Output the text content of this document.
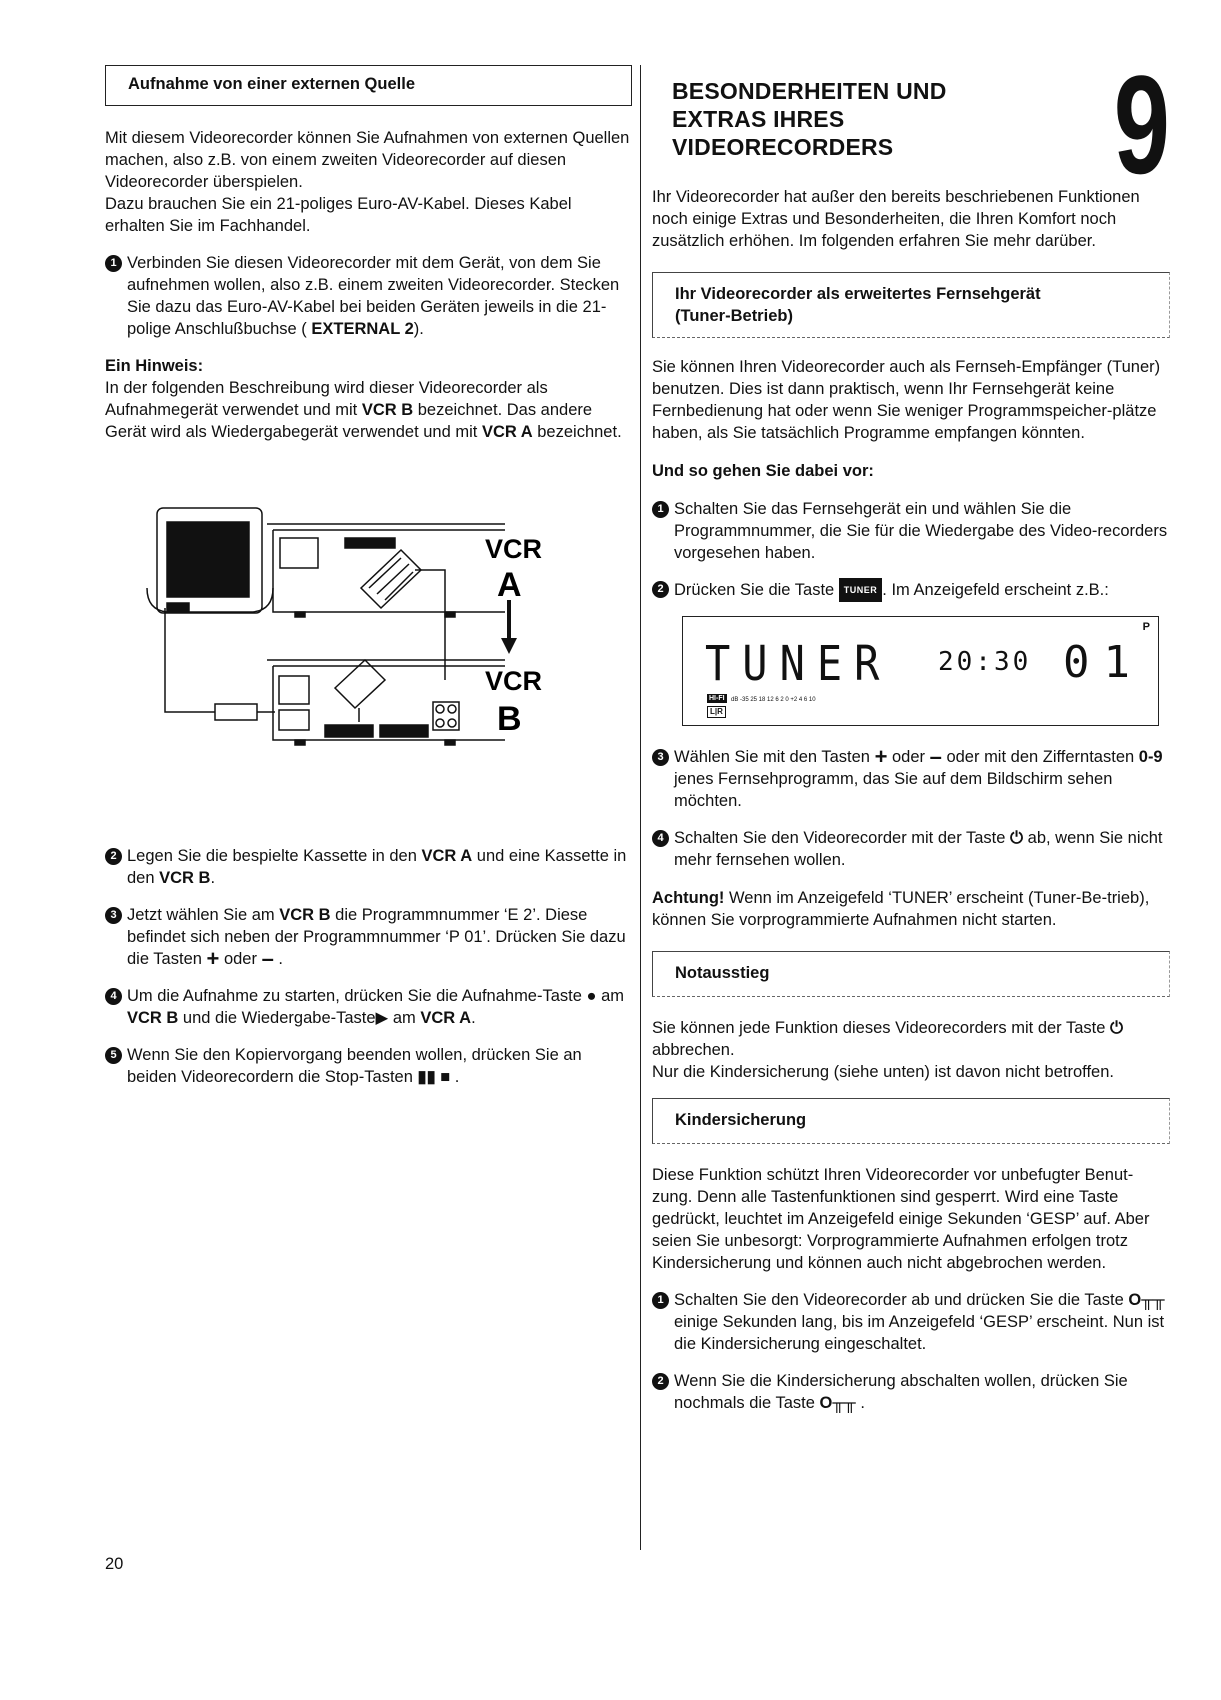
Aufnahme von einer externen Quelle

Mit diesem Videorecorder können Sie Aufnahmen von externen Quellen machen, also z.B. von einem zweiten Videorecorder auf diesen Videorecorder überspielen.

Dazu brauchen Sie ein 21-poliges Euro-AV-Kabel. Dieses Kabel erhalten Sie im Fachhandel.

1 Verbinden Sie diesen Videorecorder mit dem Gerät, von dem Sie aufnehmen wollen, also z.B. einem zweiten Videorecorder. Stecken Sie dazu das Euro-AV-Kabel bei beiden Geräten jeweils in die 21-polige Anschlußbuchse ( EXTERNAL 2).

Ein Hinweis:

In der folgenden Beschreibung wird dieser Videorecorder als Aufnahmegerät verwendet und mit VCR B bezeichnet. Das andere Gerät wird als Wiedergabegerät verwendet und mit VCR A bezeichnet.

VCR
A
VCR
B
2 Legen Sie die bespielte Kassette in den VCR A und eine Kassette in den VCR B.
3 Jetzt wählen Sie am VCR B die Programmnummer ‘E 2’. Diese befindet sich neben der Programmnummer ‘P 01’. Drücken Sie dazu die Tasten + oder – .
4 Um die Aufnahme zu starten, drücken Sie die Aufnahme-Taste ● am VCR B und die Wiedergabe-Taste▶ am VCR A.
5 Wenn Sie den Kopiervorgang beenden wollen, drücken Sie an beiden Videorecordern die Stop-Tasten ▮▮ ■ .
20
BESONDERHEITEN UND
EXTRAS IHRES
VIDEORECORDERS	9

Ihr Videorecorder hat außer den bereits beschriebenen Funktionen noch einige Extras und Besonderheiten, die Ihren Komfort noch zusätzlich erhöhen. Im folgenden erfahren Sie mehr darüber.

Ihr Videorecorder als erweitertes Fernsehgerät
(Tuner-Betrieb)

Sie können Ihren Videorecorder auch als Fernseh-Empfänger (Tuner) benutzen. Dies ist dann praktisch, wenn Ihr Fernsehgerät keine Fernbedienung hat oder wenn Sie weniger Programmspeicher-plätze haben, als Sie tatsächlich Programme empfangen könnten.

Und so gehen Sie dabei vor:

1 Schalten Sie das Fernsehgerät ein und wählen Sie die Programmnummer, die Sie für die Wiedergabe des Video-recorders vorgesehen haben.
2 Drücken Sie die Taste TUNER . Im Anzeigefeld erscheint z.B.:
P
TUNER 20:30 01
HI-FI
L|R
dB -35 25 18 12 6 2 0 +2 4 6 10
3 Wählen Sie mit den Tasten + oder – oder mit den Zifferntasten 0-9 jenes Fernsehprogramm, das Sie auf dem Bildschirm sehen möchten.
4 Schalten Sie den Videorecorder mit der Taste ⏻ ab, wenn Sie nicht mehr fernsehen wollen.

Achtung! Wenn im Anzeigefeld ‘TUNER’ erscheint (Tuner-Be-trieb), können Sie vorprogrammierte Aufnahmen nicht starten.

Notausstieg

Sie können jede Funktion dieses Videorecorders mit der Taste ⏻ abbrechen.

Nur die Kindersicherung (siehe unten) ist davon nicht betroffen.

Kindersicherung

Diese Funktion schützt Ihren Videorecorder vor unbefugter Benut-zung. Denn alle Tastenfunktionen sind gesperrt. Wird eine Taste gedrückt, leuchtet im Anzeigefeld einige Sekunden ‘GESP’ auf. Aber seien Sie unbesorgt: Vorprogrammierte Aufnahmen erfolgen trotz Kindersicherung und können auch nicht abgebrochen werden.

1 Schalten Sie den Videorecorder ab und drücken Sie die Taste O╥╥ einige Sekunden lang, bis im Anzeigefeld ‘GESP’ erscheint. Nun ist die Kindersicherung eingeschaltet.
2 Wenn Sie die Kindersicherung abschalten wollen, drücken Sie nochmals die Taste O╥╥ .
